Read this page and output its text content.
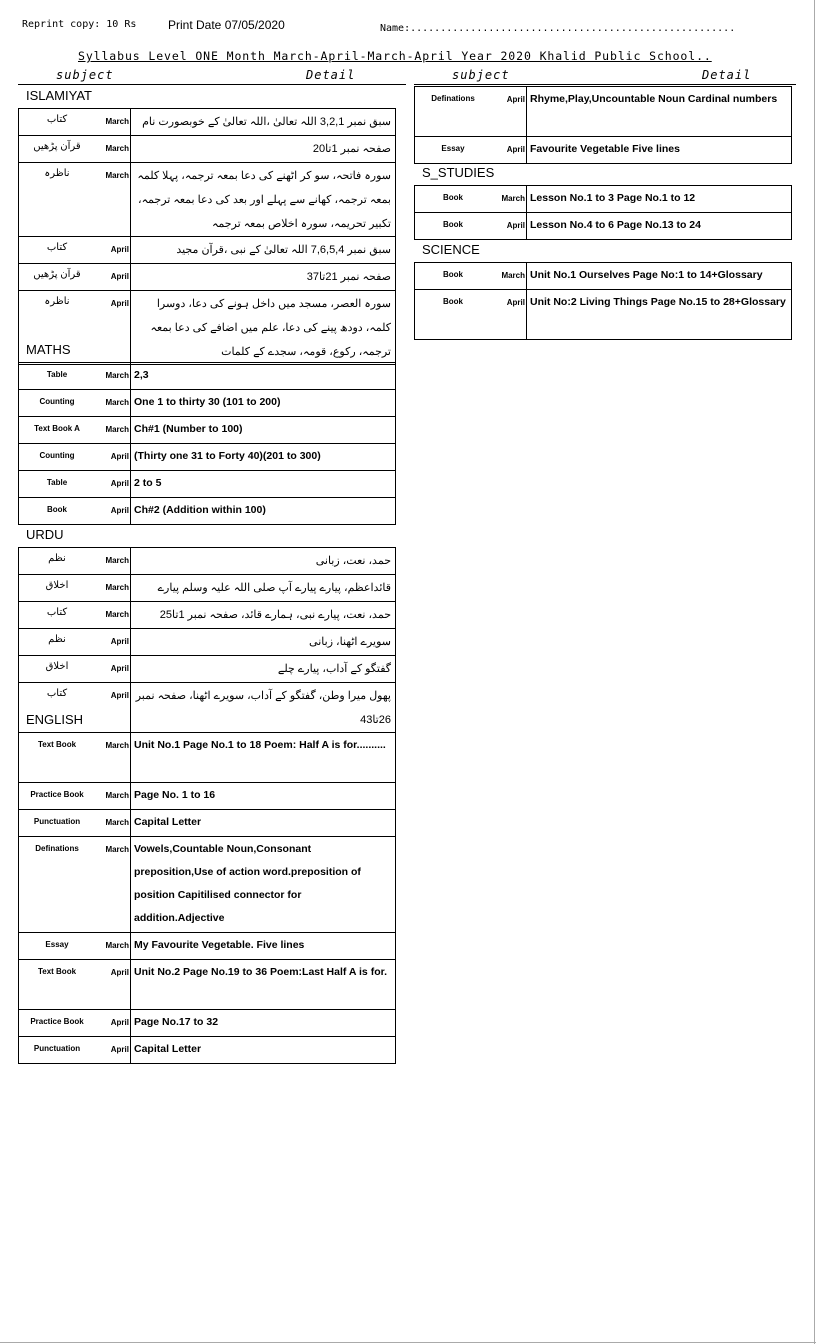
Reprint copy: 10 Rs	Print Date 07/05/2020	Name:......................................................
Syllabus Level ONE Month March-April-March-April Year 2020 Khalid Public School..
subject	Detail	subject	Detail
ISLAMIYAT
کتاب March	سبق نمبر 3,2,1 اللہ تعالیٰ ،اللہ تعالیٰ کے خوبصورت نام

قرآن پڑھیں March	صفحہ نمبر 1تا20

ناظرہ March	سورہ فاتحہ، سو کر اٹھنے کی دعا بمعہ ترجمہ، پہلا کلمہ بمعہ ترجمہ، کھانے سے پہلے اور بعد کی دعا بمعہ ترجمہ، تکبیر تحریمہ، سورہ اخلاص بمعہ ترجمہ

کتاب April	سبق نمبر 7,6,5,4 اللہ تعالیٰ کے نبی ،قرآن مجید

قرآن پڑھیں April	صفحہ نمبر 21تا37

ناظرہ April	سورہ العصر، مسجد میں داخل ہونے کی دعا، دوسرا کلمہ، دودھ پینے کی دعا، علم میں اضافے کی دعا بمعہ ترجمہ، رکوع، قومہ، سجدے کے کلمات
MATHS
Table March	2,3

Counting March	One 1 to thirty 30 (101 to 200)

Text Book A March	Ch#1 (Number to 100)

Counting April	(Thirty one 31 to Forty 40)(201 to 300)

Table April	2 to 5

Book April	Ch#2 (Addition within 100)
URDU
نظم March	حمد، نعت، زبانی

اخلاق March	قائداعظم، پیارے پیارے آپ صلی اللہ علیہ وسلم پیارے

کتاب March	حمد، نعت، پیارے نبی، ہمارے قائد، صفحہ نمبر 1تا25

نظم April	سویرے اٹھنا، زبانی

اخلاق April	گفتگو کے آداب، پیارے چلے

کتاب April	پھول میرا وطن، گفتگو کے آداب، سویرے اٹھنا، صفحہ نمبر 26تا43
ENGLISH
Text Book March	Unit No.1 Page No.1 to 18 Poem: Half A is for..........

Practice Book March	Page No. 1 to 16

Punctuation March	Capital Letter

Definations March	Vowels,Countable Noun,Consonant preposition,Use of action word.preposition of position Capitilised connector for addition.Adjective

Essay March	My Favourite Vegetable. Five lines

Text Book April	Unit No.2 Page No.19 to 36 Poem:Last Half A is for.

Practice Book April	Page No.17 to 32

Punctuation April	Capital Letter
Definations April	Rhyme,Play,Uncountable Noun Cardinal numbers

Essay April	Favourite Vegetable Five lines
S_STUDIES
Book March	Lesson No.1 to 3 Page No.1 to 12

Book April	Lesson No.4 to 6 Page No.13 to 24
SCIENCE
Book March	Unit No.1 Ourselves Page No:1 to 14+Glossary

Book April	Unit No:2 Living Things Page No.15 to 28+Glossary
